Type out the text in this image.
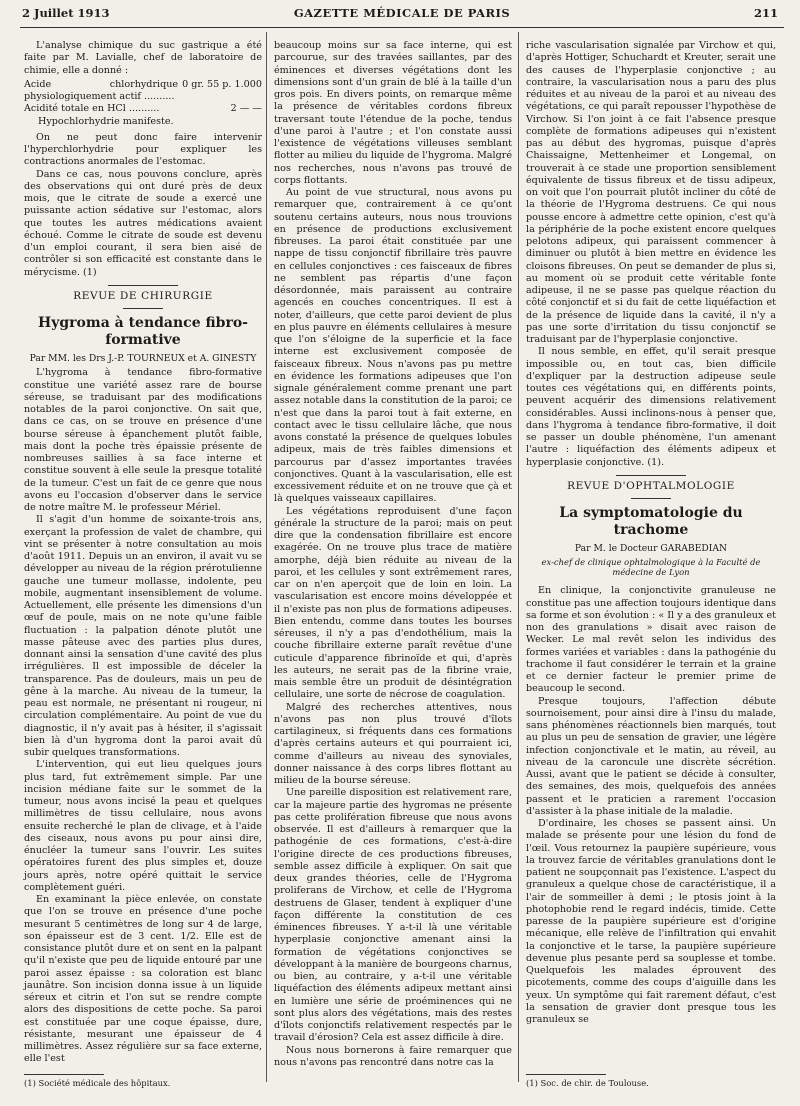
2 Juillet 1913	GAZETTE MÉDICALE DE PARIS	211

L'analyse chimique du suc gastrique a été faite par M. Lavialle, chef de laboratoire de chimie, elle a donné :

Acide chlorhydrique physiologiquement actif ..........	0 gr. 55 p. 1.000
Acidité totale en HCl ..........	2 — —
Hypochlorhydrie manifeste.	

On ne peut donc faire intervenir l'hyperchlorhydrie pour expliquer les contractions anormales de l'estomac.

Dans ce cas, nous pouvons conclure, après des observations qui ont duré près de deux mois, que le citrate de soude a exercé une puissante action sédative sur l'estomac, alors que toutes les autres médications avaient échoué. Comme le citrate de soude est devenu d'un emploi courant, il sera bien aisé de contrôler si son efficacité est constante dans le mérycisme. (1)

REVUE DE CHIRURGIE
Hygroma à tendance fibro-formative
Par MM. les Drs J.-P. TOURNEUX et A. GINESTY

L'hygroma à tendance fibro-formative constitue une variété assez rare de bourse séreuse, se traduisant par des modifications notables de la paroi conjonctive. On sait que, dans ce cas, on se trouve en présence d'une bourse séreuse à épanchement plutôt faible, mais dont la poche très épaissie présente de nombreuses saillies à sa face interne et constitue souvent à elle seule la presque totalité de la tumeur. C'est un fait de ce genre que nous avons eu l'occasion d'observer dans le service de notre maître M. le professeur Mériel.

Il s'agit d'un homme de soixante-trois ans, exerçant la profession de valet de chambre, qui vint se présenter à notre consultation au mois d'août 1911. Depuis un an environ, il avait vu se développer au niveau de la région prérotulienne gauche une tumeur mollasse, indolente, peu mobile, augmentant insensiblement de volume. Actuellement, elle présente les dimensions d'un œuf de poule, mais on ne note qu'une faible fluctuation : la palpation dénote plutôt une masse pâteuse avec des parties plus dures, donnant ainsi la sensation d'une cavité des plus irrégulières. Il est impossible de déceler la transparence. Pas de douleurs, mais un peu de gêne à la marche. Au niveau de la tumeur, la peau est normale, ne présentant ni rougeur, ni circulation complémentaire. Au point de vue du diagnostic, il n'y avait pas à hésiter, il s'agissait bien là d'un hygroma dont la paroi avait dû subir quelques transformations.

L'intervention, qui eut lieu quelques jours plus tard, fut extrêmement simple. Par une incision médiane faite sur le sommet de la tumeur, nous avons incisé la peau et quelques millimètres de tissu cellulaire, nous avons ensuite recherché le plan de clivage, et à l'aide des ciseaux, nous avons pu pour ainsi dire, énucléer la tumeur sans l'ouvrir. Les suites opératoires furent des plus simples et, douze jours après, notre opéré quittait le service complètement guéri.

En examinant la pièce enlevée, on constate que l'on se trouve en présence d'une poche mesurant 5 centimètres de long sur 4 de large, son épaisseur est de 3 cent. 1/2. Elle est de consistance plutôt dure et on sent en la palpant qu'il n'existe que peu de liquide entouré par une paroi assez épaisse : sa coloration est blanc jaunâtre. Son incision donna issue à un liquide séreux et citrin et l'on sut se rendre compte alors des dispositions de cette poche. Sa paroi est constituée par une coque épaisse, dure, résistante, mesurant une épaisseur de 4 millimètres. Assez régulière sur sa face externe, elle l'est

(1) Société médicale des hôpitaux.

beaucoup moins sur sa face interne, qui est parcourue, sur des travées saillantes, par des éminences et diverses végétations dont les dimensions sont d'un grain de blé à la taille d'un gros pois. En divers points, on remarque même la présence de véritables cordons fibreux traversant toute l'étendue de la poche, tendus d'une paroi à l'autre ; et l'on constate aussi l'existence de végétations villeuses semblant flotter au milieu du liquide de l'hygroma. Malgré nos recherches, nous n'avons pas trouvé de corps flottants.

Au point de vue structural, nous avons pu remarquer que, contrairement à ce qu'ont soutenu certains auteurs, nous nous trouvions en présence de productions exclusivement fibreuses. La paroi était constituée par une nappe de tissu conjonctif fibrillaire très pauvre en cellules conjonctives : ces faisceaux de fibres ne semblent pas répartis d'une façon désordonnée, mais paraissent au contraire agencés en couches concentriques. Il est à noter, d'ailleurs, que cette paroi devient de plus en plus pauvre en éléments cellulaires à mesure que l'on s'éloigne de la superficie et la face interne est exclusivement composée de faisceaux fibreux. Nous n'avons pas pu mettre en évidence les formations adipeuses que l'on signale généralement comme prenant une part assez notable dans la constitution de la paroi; ce n'est que dans la paroi tout à fait externe, en contact avec le tissu cellulaire lâche, que nous avons constaté la présence de quelques lobules adipeux, mais de très faibles dimensions et parcourus par d'assez importantes travées conjonctives. Quant à la vascularisation, elle est excessivement réduite et on ne trouve que çà et là quelques vaisseaux capillaires.

Les végétations reproduisent d'une façon générale la structure de la paroi; mais on peut dire que la condensation fibrillaire est encore exagérée. On ne trouve plus trace de matière amorphe, déjà bien réduite au niveau de la paroi, et les cellules y sont extrêmement rares, car on n'en aperçoit que de loin en loin. La vascularisation est encore moins développée et il n'existe pas non plus de formations adipeuses. Bien entendu, comme dans toutes les bourses séreuses, il n'y a pas d'endothélium, mais la couche fibrillaire externe paraît revêtue d'une cuticule d'apparence fibrinoïde et qui, d'après les auteurs, ne serait pas de la fibrine vraie, mais semble être un produit de désintégration cellulaire, une sorte de nécrose de coagulation.

Malgré des recherches attentives, nous n'avons pas non plus trouvé d'îlots cartilagineux, si fréquents dans ces formations d'après certains auteurs et qui pourraient ici, comme d'ailleurs au niveau des synoviales, donner naissance à des corps libres flottant au milieu de la bourse séreuse.

Une pareille disposition est relativement rare, car la majeure partie des hygromas ne présente pas cette prolifération fibreuse que nous avons observée. Il est d'ailleurs à remarquer que la pathogénie de ces formations, c'est-à-dire l'origine directe de ces productions fibreuses, semble assez difficile à expliquer. On sait que deux grandes théories, celle de l'Hygroma proliferans de Virchow, et celle de l'Hygroma destruens de Glaser, tendent à expliquer d'une façon différente la constitution de ces éminences fibreuses. Y a-t-il là une véritable hyperplasie conjonctive amenant ainsi la formation de végétations conjonctives se développant à la manière de bourgeons charnus, ou bien, au contraire, y a-t-il une véritable liquéfaction des éléments adipeux mettant ainsi en lumière une série de proéminences qui ne sont plus alors des végétations, mais des restes d'îlots conjonctifs relativement respectés par le travail d'érosion? Cela est assez difficile à dire.

Nous nous bornerons à faire remarquer que nous n'avons pas rencontré dans notre cas la

riche vascularisation signalée par Virchow et qui, d'après Hottiger, Schuchardt et Kreuter, serait une des causes de l'hyperplasie conjonctive ; au contraire, la vascularisation nous a paru des plus réduites et au niveau de la paroi et au niveau des végétations, ce qui paraît repousser l'hypothèse de Virchow. Si l'on joint à ce fait l'absence presque complète de formations adipeuses qui n'existent pas au début des hygromas, puisque d'après Chaissaigne, Mettenheimer et Longemal, on trouverait à ce stade une proportion sensiblement équivalente de tissus fibreux et de tissu adipeux, on voit que l'on pourrait plutôt incliner du côté de la théorie de l'Hygroma destruens. Ce qui nous pousse encore à admettre cette opinion, c'est qu'à la périphérie de la poche existent encore quelques pelotons adipeux, qui paraissent commencer à diminuer ou plutôt à bien mettre en évidence les cloisons fibreuses. On peut se demander de plus si, au moment où se produit cette véritable fonte adipeuse, il ne se passe pas quelque réaction du côté conjonctif et si du fait de cette liquéfaction et de la présence de liquide dans la cavité, il n'y a pas une sorte d'irritation du tissu conjonctif se traduisant par de l'hyperplasie conjonctive.

Il nous semble, en effet, qu'il serait presque impossible ou, en tout cas, bien difficile d'expliquer par la destruction adipeuse seule toutes ces végétations qui, en différents points, peuvent acquérir des dimensions relativement considérables. Aussi inclinons-nous à penser que, dans l'hygroma à tendance fibro-formative, il doit se passer un double phénomène, l'un amenant l'autre : liquéfaction des éléments adipeux et hyperplasie conjonctive. (1).

REVUE D'OPHTALMOLOGIE
La symptomatologie du trachome
Par M. le Docteur GARABEDIAN
ex-chef de clinique ophtalmologique à la Faculté de médecine de Lyon

En clinique, la conjonctivite granuleuse ne constitue pas une affection toujours identique dans sa forme et son évolution : « Il y a des granuleux et non des granulations » disait avec raison de Wecker. Le mal revêt selon les individus des formes variées et variables : dans la pathogénie du trachome il faut considérer le terrain et la graine et ce dernier facteur le premier prime de beaucoup le second.

Presque toujours, l'affection débute sournoisement, pour ainsi dire à l'insu du malade, sans phénomènes réactionnels bien marqués, tout au plus un peu de sensation de gravier, une légère infection conjonctivale et le matin, au réveil, au niveau de la caroncule une discrète sécrétion. Aussi, avant que le patient se décide à consulter, des semaines, des mois, quelquefois des années passent et le praticien a rarement l'occasion d'assister à la phase initiale de la maladie.

D'ordinaire, les choses se passent ainsi. Un malade se présente pour une lésion du fond de l'œil. Vous retournez la paupière supérieure, vous la trouvez farcie de véritables granulations dont le patient ne soupçonnait pas l'existence. L'aspect du granuleux a quelque chose de caractéristique, il a l'air de sommeiller à demi ; le ptosis joint à la photophobie rend le regard indécis, timide. Cette paresse de la paupière supérieure est d'origine mécanique, elle relève de l'infiltration qui envahit la conjonctive et le tarse, la paupière supérieure devenue plus pesante perd sa souplesse et tombe. Quelquefois les malades éprouvent des picotements, comme des coups d'aiguille dans les yeux. Un symptôme qui fait rarement défaut, c'est la sensation de gravier dont presque tous les granuleux se

(1) Soc. de chir. de Toulouse.
